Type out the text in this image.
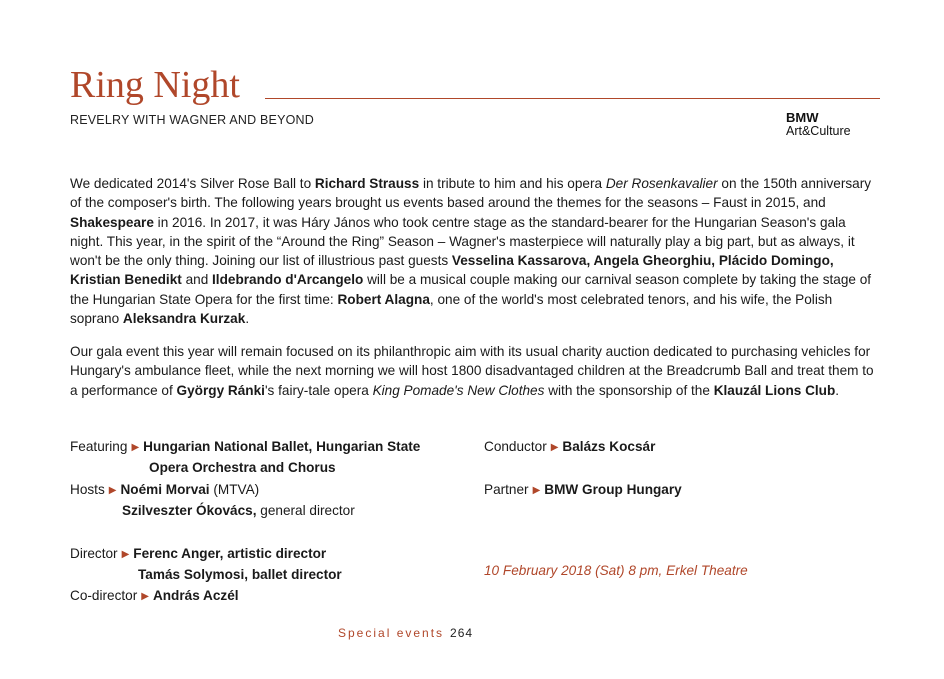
Ring Night
REVELRY WITH WAGNER AND BEYOND	BMW
Art&Culture
We dedicated 2014's Silver Rose Ball to Richard Strauss in tribute to him and his opera Der Rosenkavalier on the 150th anniversary of the composer's birth. The following years brought us events based around the themes for the seasons – Faust in 2015, and Shakespeare in 2016. In 2017, it was Háry János who took centre stage as the standard-bearer for the Hungarian Season's gala night. This year, in the spirit of the “Around the Ring” Season – Wagner's masterpiece will naturally play a big part, but as always, it won't be the only thing. Joining our list of illustrious past guests Vesselina Kassarova, Angela Gheorghiu, Plácido Domingo, Kristian Benedikt and Ildebrando d'Arcangelo will be a musical couple making our carnival season complete by taking the stage of the Hungarian State Opera for the first time: Robert Alagna, one of the world's most celebrated tenors, and his wife, the Polish soprano Aleksandra Kurzak.
Our gala event this year will remain focused on its philanthropic aim with its usual charity auction dedicated to purchasing vehicles for Hungary's ambulance fleet, while the next morning we will host 1800 disadvantaged children at the Breadcrumb Ball and treat them to a performance of György Ránki's fairy-tale opera King Pomade's New Clothes with the sponsorship of the Klauzál Lions Club.
Featuring ▶ Hungarian National Ballet, Hungarian State
Opera Orchestra and Chorus
Hosts ▶ Noémi Morvai (MTVA)
Szilveszter Ókovács, general director
Director ▶ Ferenc Anger, artistic director
Tamás Solymosi, ballet director
Co-director ▶ András Aczél
Conductor ▶ Balázs Kocsár
Partner ▶ BMW Group Hungary
10 February 2018 (Sat) 8 pm, Erkel Theatre
Special events 264
